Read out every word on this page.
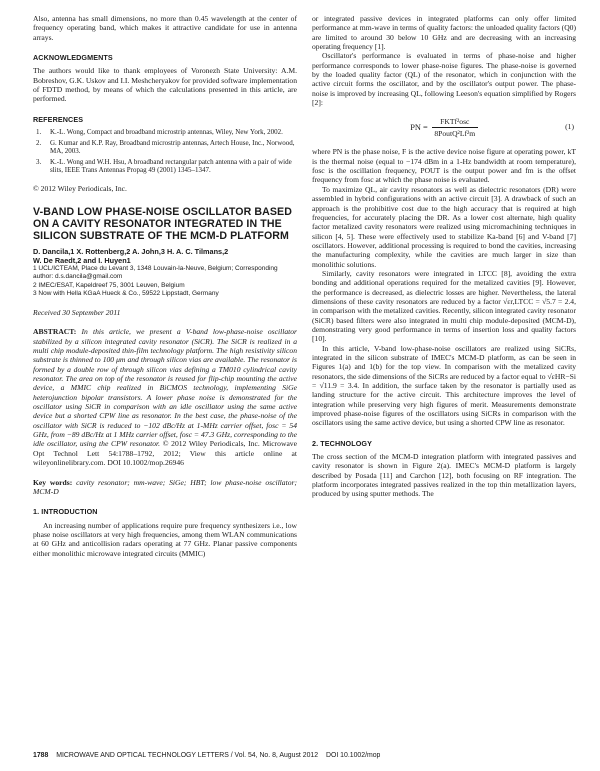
Also, antenna has small dimensions, no more than 0.45 wavelength at the center of frequency operating band, which makes it attractive candidate for use in antenna arrays.

ACKNOWLEDGMENTS

The authors would like to thank employees of Voronezh State University: A.M. Bobreshov, G.K. Uskov and I.I. Meshcheryakov for provided software implementation of FDTD method, by means of which the calculations presented in this article, are performed.

REFERENCES
1. K.-L. Wong, Compact and broadband microstrip antennas, Wiley, New York, 2002.
2. G. Kumar and K.P. Ray, Broadband microstrip antennas, Artech House, Inc., Norwood, MA, 2003.
3. K.-L. Wong and W.H. Hsu, A broadband rectangular patch antenna with a pair of wide slits, IEEE Trans Antennas Propag 49 (2001) 1345–1347.

© 2012 Wiley Periodicals, Inc.

V-BAND LOW PHASE-NOISE OSCILLATOR BASED ON A CAVITY RESONATOR INTEGRATED IN THE SILICON SUBSTRATE OF THE MCM-D PLATFORM
D. Dancila,1 X. Rottenberg,2 A. John,3 H. A. C. Tilmans,2
W. De Raedt,2 and I. Huyen1
1 UCL/ICTEAM, Place du Levant 3, 1348 Louvain-la-Neuve, Belgium; Corresponding author: d.s.dancila@gmail.com
2 IMEC/ESAT, Kapeldreef 75, 3001 Leuven, Belgium
3 Now with Hella KGaA Hueck & Co., 59522 Lippstadt, Germany

Received 30 September 2011

ABSTRACT: In this article, we present a V-band low-phase-noise oscillator stabilized by a silicon integrated cavity resonator (SiCR). The SiCR is realized in a multi chip module-deposited thin-film technology platform. The high resistivity silicon substrate is thinned to 100 μm and through silicon vias are available. The resonator is formed by a double row of through silicon vias defining a TM010 cylindrical cavity resonator. The area on top of the resonator is reused for flip-chip mounting the active device, a MMIC chip realized in BiCMOS technology, implementing SiGe heterojunction bipolar transistors. A lower phase noise is demonstrated for the oscillator using SiCR in comparison with an idle oscillator using the same active device but a shorted CPW line as resonator. In the best case, the phase-noise of the oscillator with SiCR is reduced to −102 dBc/Hz at 1-MHz carrier offset, fosc = 54 GHz, from −89 dBc/Hz at 1 MHz carrier offset, fosc = 47.3 GHz, corresponding to the idle oscillator, using the CPW resonator. © 2012 Wiley Periodicals, Inc. Microwave Opt Technol Lett 54:1788–1792, 2012; View this article online at wileyonlinelibrary.com. DOI 10.1002/mop.26946

Key words: cavity resonator; mm-wave; SiGe; HBT; low phase-noise oscillator; MCM-D

1. INTRODUCTION

An increasing number of applications require pure frequency synthesizers i.e., low phase noise oscillators at very high frequencies, among them WLAN communications at 60 GHz and anticollision radars operating at 77 GHz. Planar passive components either monolithic microwave integrated circuits (MMIC)

or integrated passive devices in integrated platforms can only offer limited performance at mm-wave in terms of quality factors: the unloaded quality factors (Q0) are limited to around 30 below 10 GHz and are decreasing with an increasing operating frequency [1].

Oscillator's performance is evaluated in terms of phase-noise and higher performance corresponds to lower phase-noise figures. The phase-noise is governed by the loaded quality factor (QL) of the resonator, which in conjunction with the active circuit forms the oscillator, and by the oscillator's output power. The phase-noise is improved by increasing QL, following Leeson's equation simplified by Rogers [2]:

PN = $\frac{\text{FKTf²osc}}{\text{8PoutQ²Lf²m}}$	(1)

where PN is the phase noise, F is the active device noise figure at operating power, kT is the thermal noise (equal to −174 dBm in a 1-Hz bandwidth at room temperature), fosc is the oscillation frequency, POUT is the output power and fm is the offset frequency from fosc at which the phase noise is evaluated.

To maximize QL, air cavity resonators as well as dielectric resonators (DR) were assembled in hybrid configurations with an active circuit [3]. A drawback of such an approach is the prohibitive cost due to the high accuracy that is required at high frequencies, for accurately placing the DR. As a lower cost alternate, high quality factor metalized cavity resonators were realized using micromachining techniques in silicon [4, 5]. These were effectively used to stabilize Ka-band [6] and V-band [7] oscillators. However, additional processing is required to bond the cavities, increasing the manufacturing complexity, while the cavities are much larger in size than monolithic solutions.

Similarly, cavity resonators were integrated in LTCC [8], avoiding the extra bonding and additional operations required for the metalized cavities [9]. However, the performance is decreased, as dielectric losses are higher. Nevertheless, the lateral dimensions of these cavity resonators are reduced by a factor √εr,LTCC = √5.7 = 2.4, in comparison with the metalized cavities. Recently, silicon integrated cavity resonator (SiCR) based filters were also integrated in multi chip module-deposited (MCM-D), demonstrating very good performance in terms of insertion loss and quality factors [10].

In this article, V-band low-phase-noise oscillators are realized using SiCRs, integrated in the silicon substrate of IMEC's MCM-D platform, as can be seen in Figures 1(a) and 1(b) for the top view. In comparison with the metalized cavity resonators, the side dimensions of the SiCRs are reduced by a factor equal to √εHR−Si = √11.9 = 3.4. In addition, the surface taken by the resonator is partially used as landing structure for the active circuit. This architecture improves the level of integration while preserving very high figures of merit. Measurements demonstrate improved phase-noise figures of the oscillators using SiCRs in comparison with the oscillators using the same active device, but using a shorted CPW line as resonator.

2. TECHNOLOGY

The cross section of the MCM-D integration platform with integrated passives and cavity resonator is shown in Figure 2(a). IMEC's MCM-D platform is largely described by Posada [11] and Carchon [12], both focusing on RF integration. The platform incorporates integrated passives realized in the top thin metallization layers, produced by using sputter methods. The

1788 MICROWAVE AND OPTICAL TECHNOLOGY LETTERS / Vol. 54, No. 8, August 2012 DOI 10.1002/mop
